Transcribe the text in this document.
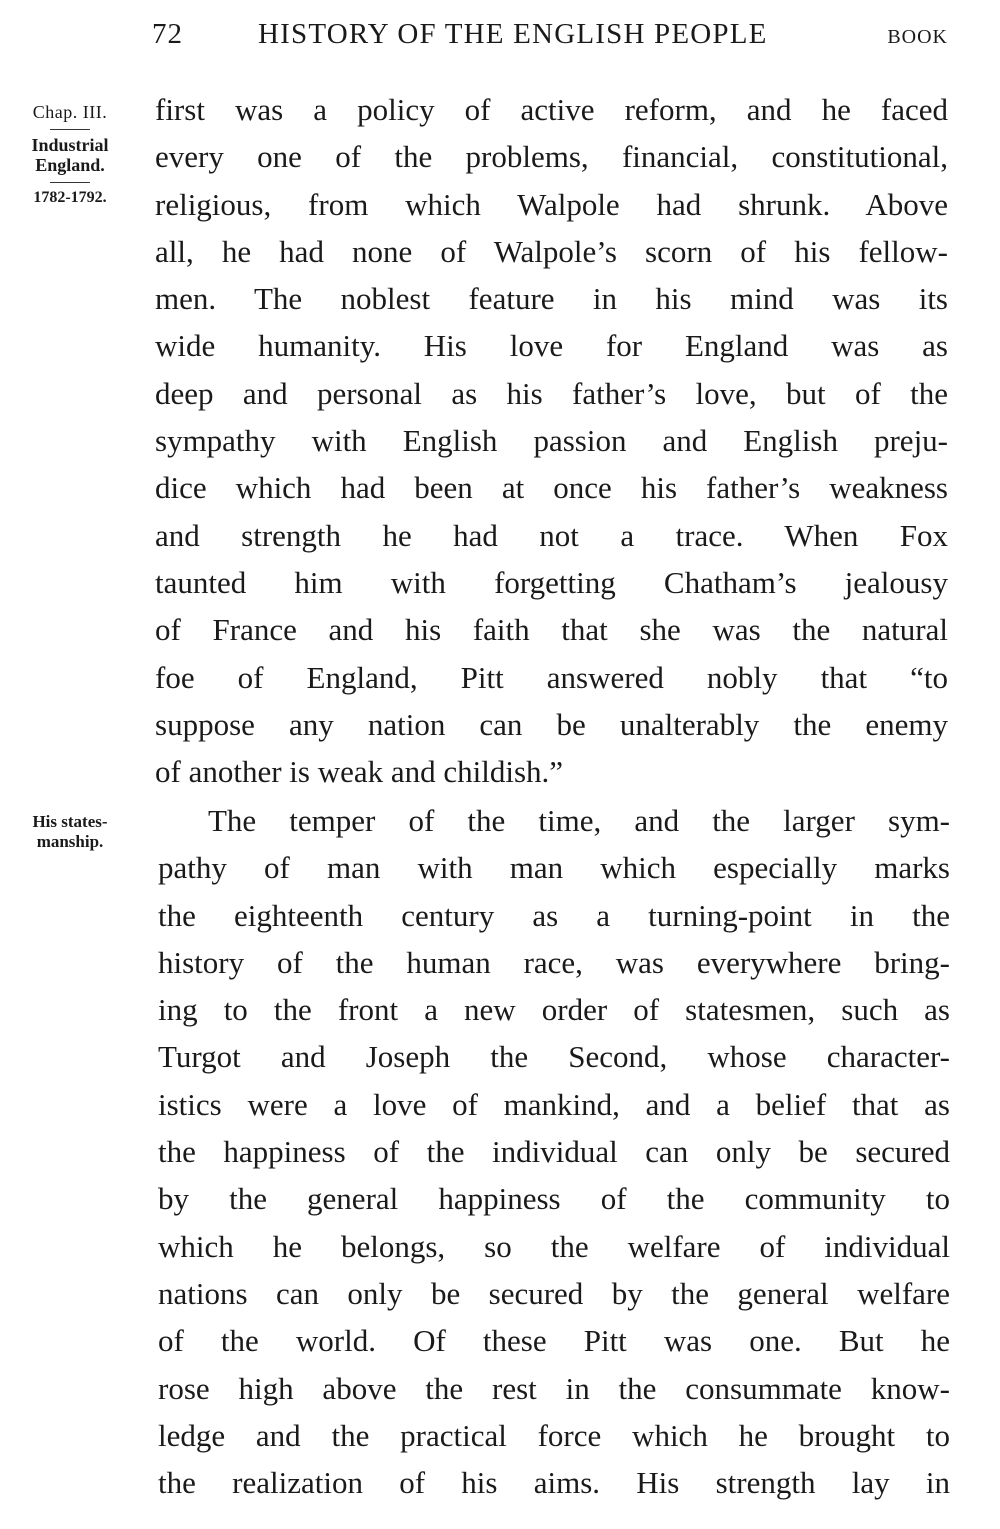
72	HISTORY OF THE ENGLISH PEOPLE	BOOK
Chap. III.
Industrial
England.
1782-1792.
His states-
manship.
first was a policy of active reform, and he faced
every one of the problems, financial, constitutional,
religious, from which Walpole had shrunk. Above
all, he had none of Walpole’s scorn of his fellow-
men. The noblest feature in his mind was its
wide humanity. His love for England was as
deep and personal as his father’s love, but of the
sympathy with English passion and English preju-
dice which had been at once his father’s weakness
and strength he had not a trace. When Fox
taunted him with forgetting Chatham’s jealousy
of France and his faith that she was the natural
foe of England, Pitt answered nobly that “to
suppose any nation can be unalterably the enemy
of another is weak and childish.”
The temper of the time, and the larger sym-
pathy of man with man which especially marks
the eighteenth century as a turning-point in the
history of the human race, was everywhere bring-
ing to the front a new order of statesmen, such as
Turgot and Joseph the Second, whose character-
istics were a love of mankind, and a belief that as
the happiness of the individual can only be secured
by the general happiness of the community to
which he belongs, so the welfare of individual
nations can only be secured by the general welfare
of the world. Of these Pitt was one. But he
rose high above the rest in the consummate know-
ledge and the practical force which he brought to
the realization of his aims. His strength lay in
